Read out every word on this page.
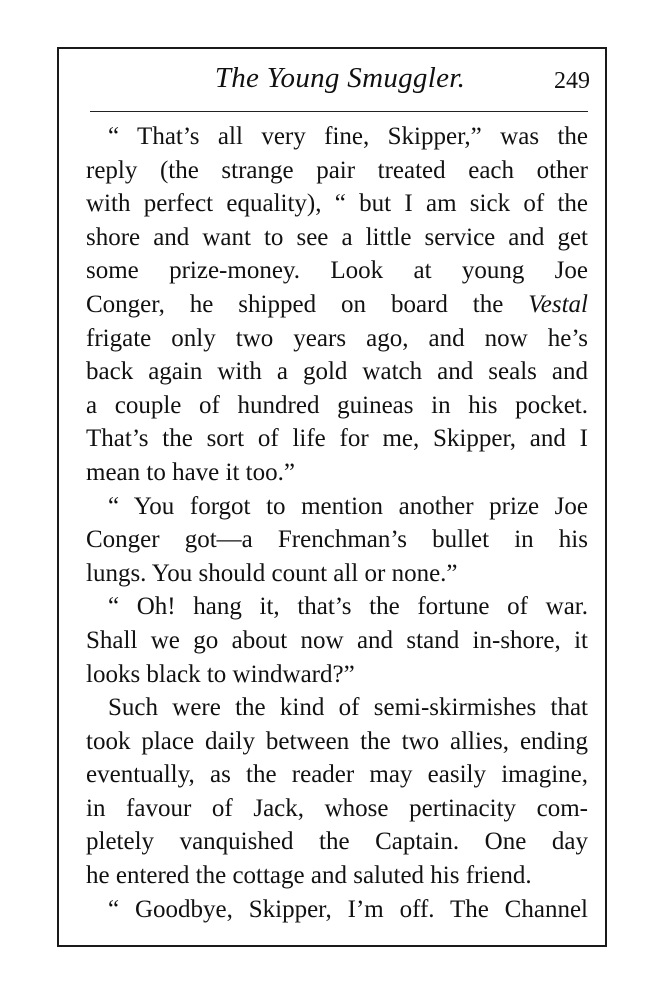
The Young Smuggler.	249
“ That’s all very fine, Skipper,” was the
reply (the strange pair treated each other
with perfect equality), “ but I am sick of the
shore and want to see a little service and get
some prize-money. Look at young Joe
Conger, he shipped on board the Vestal
frigate only two years ago, and now he’s
back again with a gold watch and seals and
a couple of hundred guineas in his pocket.
That’s the sort of life for me, Skipper, and I
mean to have it too.”
“ You forgot to mention another prize Joe
Conger got—a Frenchman’s bullet in his
lungs. You should count all or none.”
“ Oh! hang it, that’s the fortune of war.
Shall we go about now and stand in-shore, it
looks black to windward?”
Such were the kind of semi-skirmishes that
took place daily between the two allies, ending
eventually, as the reader may easily imagine,
in favour of Jack, whose pertinacity com-
pletely vanquished the Captain. One day
he entered the cottage and saluted his friend.
“ Goodbye, Skipper, I’m off. The Channel
